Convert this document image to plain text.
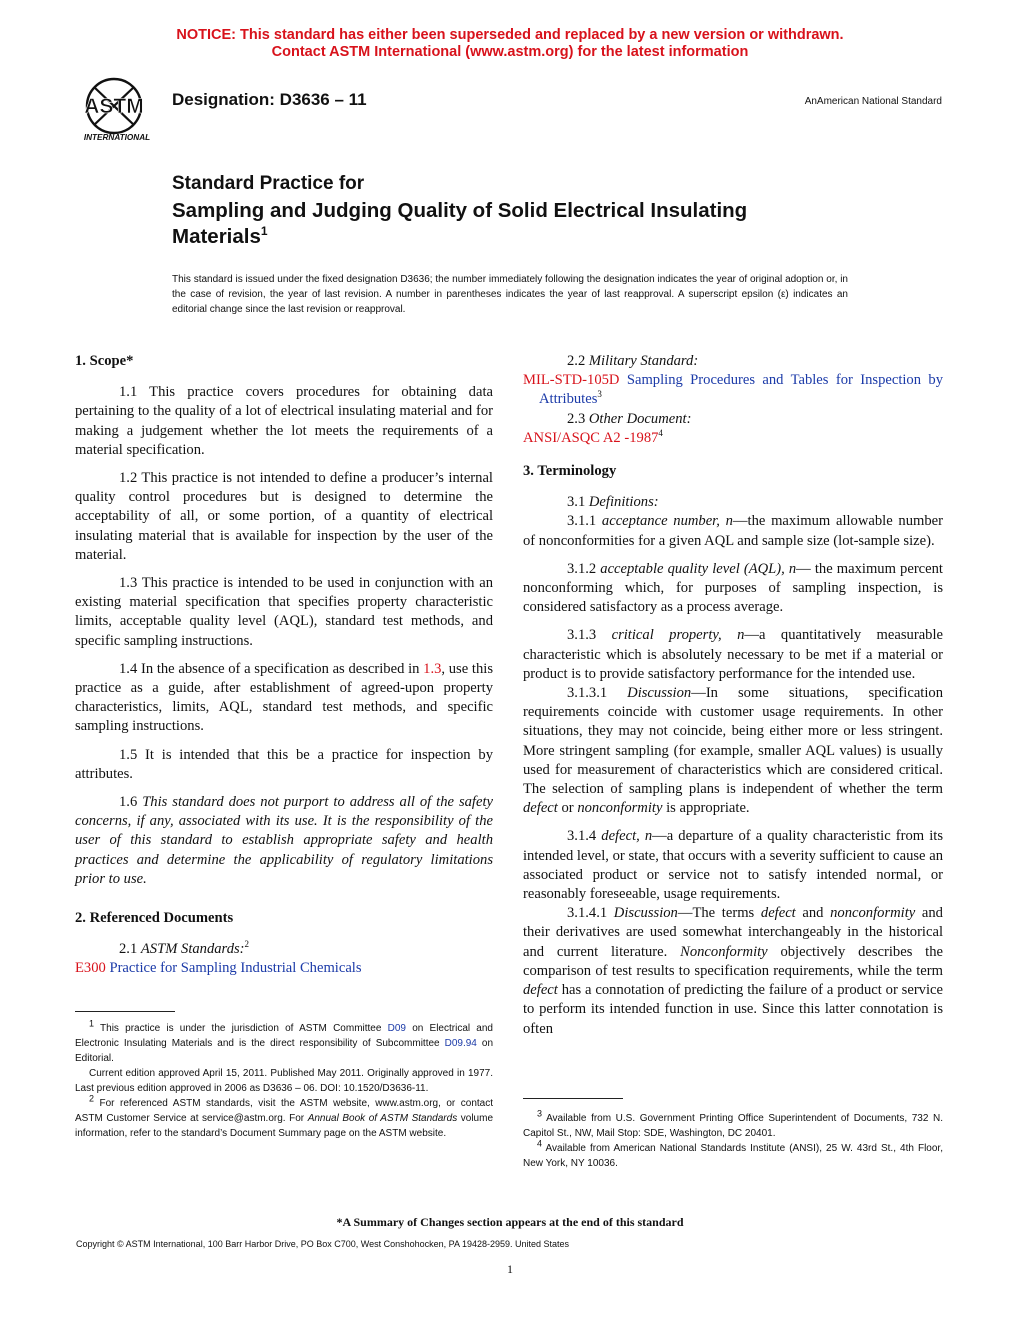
NOTICE: This standard has either been superseded and replaced by a new version or withdrawn.
Contact ASTM International (www.astm.org) for the latest information
ASTM
INTERNATIONAL
Designation: D3636 – 11	AnAmerican National Standard
Standard Practice for
Sampling and Judging Quality of Solid Electrical Insulating
Materials$^1$
This standard is issued under the fixed designation D3636; the number immediately following the designation indicates the year of original adoption or, in the case of revision, the year of last revision. A number in parentheses indicates the year of last reapproval. A superscript epsilon (ε) indicates an editorial change since the last revision or reapproval.
1. Scope*

1.1 This practice covers procedures for obtaining data pertaining to the quality of a lot of electrical insulating material and for making a judgement whether the lot meets the requirements of a material specification.

1.2 This practice is not intended to define a producer’s internal quality control procedures but is designed to determine the acceptability of all, or some portion, of a quantity of electrical insulating material that is available for inspection by the user of the material.

1.3 This practice is intended to be used in conjunction with an existing material specification that specifies property characteristic limits, acceptable quality level (AQL), standard test methods, and specific sampling instructions.

1.4 In the absence of a specification as described in 1.3, use this practice as a guide, after establishment of agreed-upon property characteristics, limits, AQL, standard test methods, and specific sampling instructions.

1.5 It is intended that this be a practice for inspection by attributes.

1.6 This standard does not purport to address all of the safety concerns, if any, associated with its use. It is the responsibility of the user of this standard to establish appropriate safety and health practices and determine the applicability of regulatory limitations prior to use.

2. Referenced Documents

2.1 ASTM Standards:$^2$

E300 Practice for Sampling Industrial Chemicals

2.2 Military Standard:

MIL-STD-105D Sampling Procedures and Tables for Inspection by Attributes$^3$

2.3 Other Document:

ANSI/ASQC A2 -1987$^4$

3. Terminology

3.1 Definitions:

3.1.1 acceptance number, n—the maximum allowable number of nonconformities for a given AQL and sample size (lot-sample size).

3.1.2 acceptable quality level (AQL), n— the maximum percent nonconforming which, for purposes of sampling inspection, is considered satisfactory as a process average.

3.1.3 critical property, n—a quantitatively measurable characteristic which is absolutely necessary to be met if a material or product is to provide satisfactory performance for the intended use.

3.1.3.1 Discussion—In some situations, specification requirements coincide with customer usage requirements. In other situations, they may not coincide, being either more or less stringent. More stringent sampling (for example, smaller AQL values) is usually used for measurement of characteristics which are considered critical. The selection of sampling plans is independent of whether the term defect or nonconformity is appropriate.

3.1.4 defect, n—a departure of a quality characteristic from its intended level, or state, that occurs with a severity sufficient to cause an associated product or service not to satisfy intended normal, or reasonably foreseeable, usage requirements.

3.1.4.1 Discussion—The terms defect and nonconformity and their derivatives are used somewhat interchangeably in the historical and current literature. Nonconformity objectively describes the comparison of test results to specification requirements, while the term defect has a connotation of predicting the failure of a product or service to perform its intended function in use. Since this latter connotation is often

$^1$ This practice is under the jurisdiction of ASTM Committee D09 on Electrical and Electronic Insulating Materials and is the direct responsibility of Subcommittee D09.94 on Editorial.

Current edition approved April 15, 2011. Published May 2011. Originally approved in 1977. Last previous edition approved in 2006 as D3636 – 06. DOI: 10.1520/D3636-11.

$^2$ For referenced ASTM standards, visit the ASTM website, www.astm.org, or contact ASTM Customer Service at service@astm.org. For Annual Book of ASTM Standards volume information, refer to the standard’s Document Summary page on the ASTM website.

$^3$ Available from U.S. Government Printing Office Superintendent of Documents, 732 N. Capitol St., NW, Mail Stop: SDE, Washington, DC 20401.

$^4$ Available from American National Standards Institute (ANSI), 25 W. 43rd St., 4th Floor, New York, NY 10036.

*A Summary of Changes section appears at the end of this standard
Copyright © ASTM International, 100 Barr Harbor Drive, PO Box C700, West Conshohocken, PA 19428-2959. United States
1
